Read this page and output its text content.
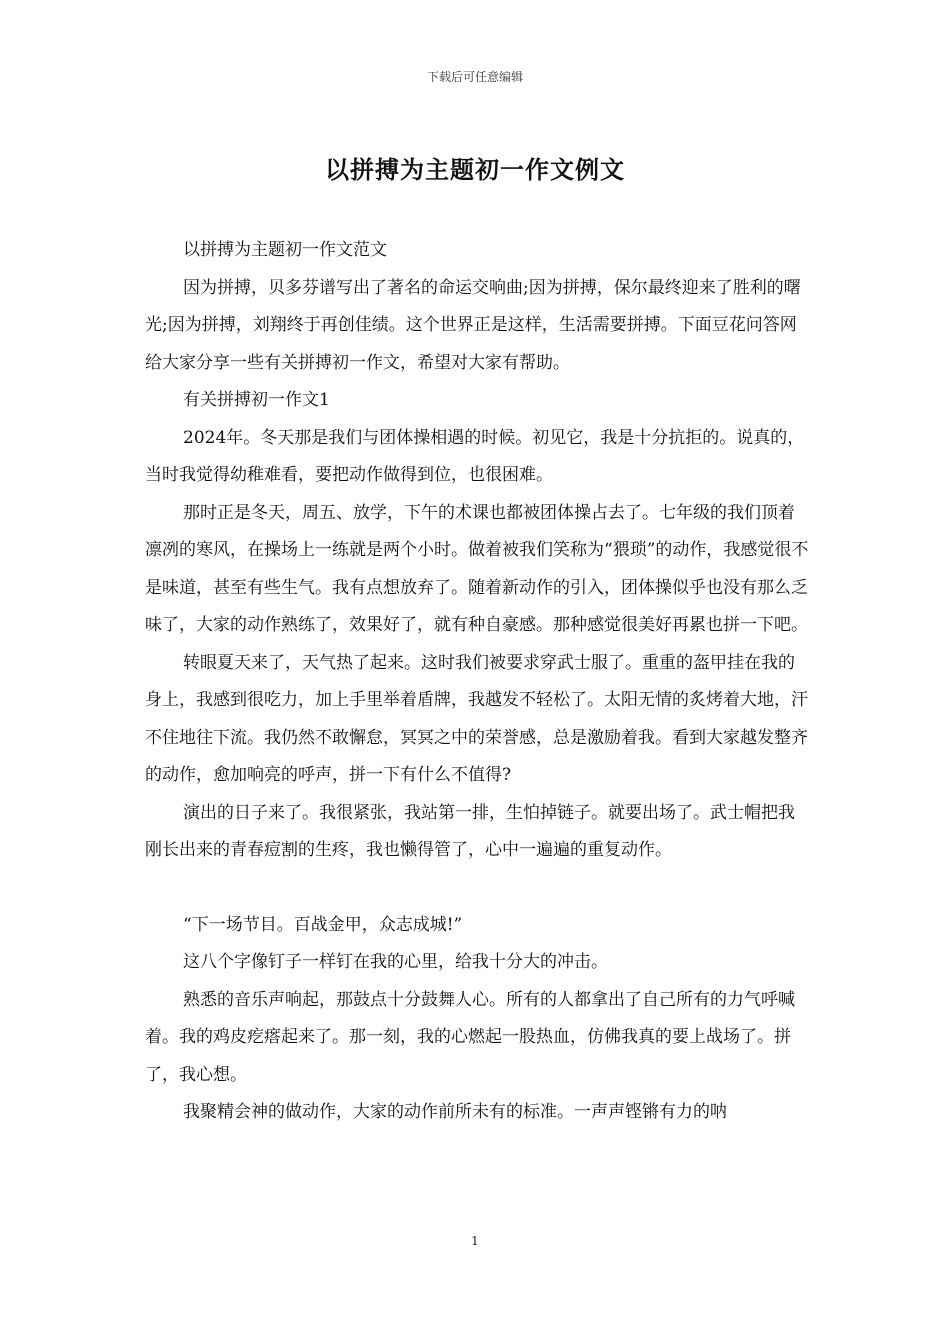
下载后可任意编辑
以拼搏为主题初一作文例文

以拼搏为主题初一作文范文

因为拼搏，贝多芬谱写出了著名的命运交响曲;因为拼搏，保尔最终迎来了胜利的曙光;因为拼搏，刘翔终于再创佳绩。这个世界正是这样，生活需要拼搏。下面豆花问答网给大家分享一些有关拼搏初一作文，希望对大家有帮助。

有关拼搏初一作文1

2024年。冬天那是我们与团体操相遇的时候。初见它，我是十分抗拒的。说真的，当时我觉得幼稚难看，要把动作做得到位，也很困难。

那时正是冬天，周五、放学，下午的术课也都被团体操占去了。七年级的我们顶着凛冽的寒风，在操场上一练就是两个小时。做着被我们笑称为“猥琐”的动作，我感觉很不是味道，甚至有些生气。我有点想放弃了。随着新动作的引入，团体操似乎也没有那么乏味了，大家的动作熟练了，效果好了，就有种自豪感。那种感觉很美好再累也拼一下吧。

转眼夏天来了，天气热了起来。这时我们被要求穿武士服了。重重的盔甲挂在我的身上，我感到很吃力，加上手里举着盾牌，我越发不轻松了。太阳无情的炙烤着大地，汗不住地往下流。我仍然不敢懈怠，冥冥之中的荣誉感，总是激励着我。看到大家越发整齐的动作，愈加响亮的呼声，拼一下有什么不值得?

演出的日子来了。我很紧张，我站第一排，生怕掉链子。就要出场了。武士帽把我刚长出来的青春痘割的生疼，我也懒得管了，心中一遍遍的重复动作。

“下一场节目。百战金甲，众志成城!”

这八个字像钉子一样钉在我的心里，给我十分大的冲击。

熟悉的音乐声响起，那鼓点十分鼓舞人心。所有的人都拿出了自己所有的力气呼喊着。我的鸡皮疙瘩起来了。那一刻，我的心燃起一股热血，仿佛我真的要上战场了。拼了，我心想。

我聚精会神的做动作，大家的动作前所未有的标准。一声声铿锵有力的呐

1
